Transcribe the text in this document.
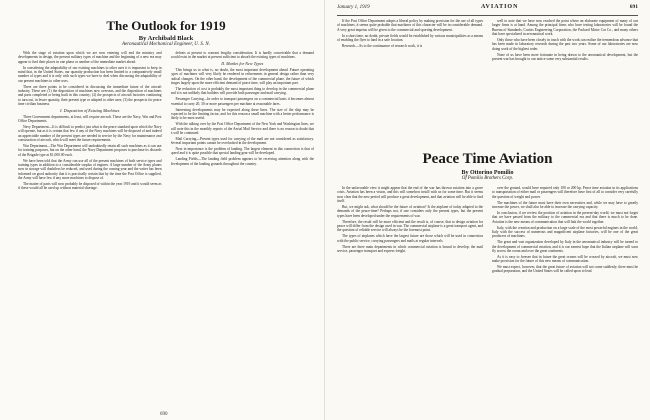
The Outlook for 1919
By Archibald Black
Aeronautical Mechanical Engineer, U. S. N.

With the stage of aviation upon which we are now entering will end the ministry and developments in design, the present military types of machine and the beginning of a new era may appear to find their places in one phase or another of the immediate market ahead.

In considering the adaptability of our existing machines to other uses it is important to keep in mind that, in the United States, our quantity production has been limited to a comparatively small number of types and it is only with such types we have to deal when discussing the adaptability of our present machines to other uses.

There are three points to be considered in discussing the immediate future of the aircraft industry. These are: (1) the disposition of machines now overseas, and the disposition of machines and parts completed or being built in this country; (2) the prospects of aircraft factories continuing to turn out, in lesser quantity, their present type or adapted to other uses; (3) the prospects for peace time civilian business.

I. Disposition of Existing Machines

Three Government departments, at least, will require aircraft. These are the Navy, War and Post Office Departments.

Navy Department—It is difficult to predict just what is the peace standard upon which the Navy will operate, but as it is certain that few if any of the Navy machines will be disposed of and indeed an appreciable number of the present types are needed in service by the Navy for maintenance and construction of aircraft, which will meet the future requirements.

War Department—The War Department will undoubtedly retain all such machines as it can use for training purposes, but on the other hand, the Navy Department proposes to purchase its discards of the Brigade type at $1,000.00 each.

We have been told that the Army can use all of the present machines of both service types and training types in addition to a considerable surplus of engines. A large number of the Army planes now in storage will doubtless be reduced, and used during the coming year and the writer has been informed on good authority that it is practically certain that by the time the Post Office is supplied, the Army will have few if any more machines to dispose of.

The matter of parts will now probably be disposed of within the year 1919 and it would seem as if these would all be used up without material shortage.

defeats at present to warrant lengthy consideration. It is hardly conceivable that a demand would exist in the market at present sufficient to absorb the existing types of machines.

II. Market for New Types

This brings us to what is, no doubt, the most important development ahead. Future operating types of machines will very likely be rendered in refinements in general design rather than very radical changes. On the other hand, the development of the commercial plane, the future of which hinges largely upon the more efficient demand of peace time, will play an important part.

The reduction of cost is probably the most important thing to develop in the commercial plane and it is not unlikely that builders will provide both passenger and mail carrying.

Passenger Carrying—In order to transport passengers on a commercial basis it becomes almost essential to carry 20, 30 or more passengers per machine at reasonable fares.

Interesting developments may be expected along these lines. The size of the ship may be expected to be the limiting factor, and for this reason a small machine with a better performance is likely to be most useful.

With the talking over by the Post Office Department of the New York and Washington lines, we will note this in the monthly reports of the Aerial Mail Service and there is no reason to doubt that it will be continued.

Mail Carrying—Present types used for carrying of the mail are not considered as satisfactory. Several important points cannot be overlooked in the development.

Next in importance is the problem of landing. The largest element in this connection is that of speed and it is quite possible that special landing gear will be developed.

Landing Fields—The landing field problem appears to be receiving attention along with the development of the landing grounds throughout the country.

690
January 1, 1919	AVIATION	691

If the Post Office Department adopts a liberal policy by making provision for the use of all types of machines, it seems quite probable that machines of this character will be in considerable demand. A very great impetus will be given to the commercial and sporting development.

In a short time, no doubt, private fields would be established by various municipalities as a means of enabling the flyer to land in a safe location.

Research—As to the continuance of research work, it is

well to note that we have now reached the point where an elaborate equipment of many of our larger firms is at hand. Among the principal firms who have testing laboratories will be found the Bureau of Standards, Curtiss Engineering Corporation, the Packard Motor Car Co., and many others that have specialized in aeronautical work.

Only those who have been closely in touch with the work can realize the tremendous advance that has been made in laboratory research during the past two years. Some of our laboratories are now doing work of the highest order.

None of us have been more fortunate in being drawn to the aeronautical development, but the present war has brought to our notice some very substantial results.

Peace Time Aviation
By Ottorino Pomilio
Of Pomilio Brothers Corp.

In the unfavorable view it might appear that the end of the war has thrown aviation into a grave crisis. Aviation has been a vision, and this will somehow instill with us for some time. But it seems now clear that the new period will produce a great development, and that aviation will be able to find itself.

But, we might ask, what should be the future of aviation? Is the airplane of today adapted to the demands of the peace-time? Perhaps not, if one considers only the present types, but the present types have been developed under the requirements of war.

Therefore, the result will be more efficient and the result is, of course, that to design aviation for peace will differ from the design used in war. The commercial airplane is a great transport agent, and the question of reliable service will always be the foremost point.

The types of airplanes which have the largest future are those which will be used in connection with the public service, carrying passengers and mails at regular intervals.

There are three main departments in which commercial aviation is bound to develop: the mail service, passenger transport and express freight.

over the ground, would have required only 100 or 200 hp. Peace time aviation in its applications to transportation of either mail or passengers will therefore have first of all to consider very carefully the question of weight and power.

The machines of the future must have their own necessities and, while we may have to greatly increase the power, we shall also be able to increase the carrying capacity.

In conclusion, if we review the position of aviation in the present-day world, we must not forget that we have passed from the military to the commercial era and that there is much to be done. Aviation is the new means of communication that will link the world together.

Italy, with the creation and production on a large scale of the most powerful engines in the world, Italy with the success of numerous and magnificent airplane factories, will be one of the great producers of machines.

The great and vast organization developed by Italy in the aeronautical industry will be turned to the development of commercial aviation, and it is our earnest hope that the Italian airplane will soon fly across the ocean and over the great continents.

As it is easy to foresee that in future the great oceans will be crossed by aircraft, we must now make provision for the future of this new means of communication.

We must expect, however, that the great future of aviation will not come suddenly; there must be gradual preparation, and the United States will be called upon to lead.
